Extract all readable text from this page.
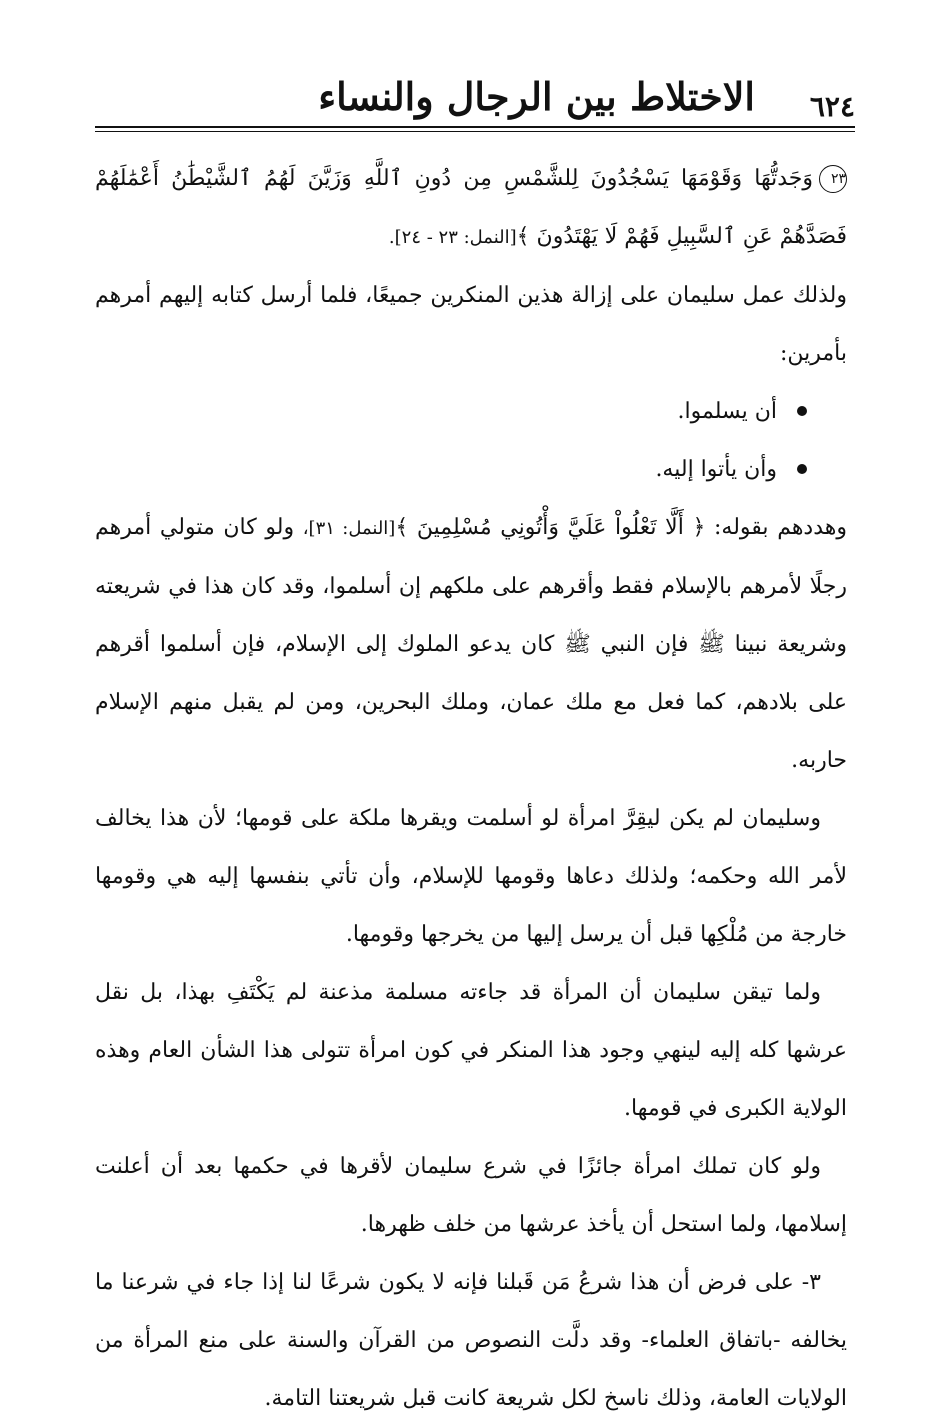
الاختلاط بين الرجال والنساء ٦٢٤

٢٣وَجَدتُّهَا وَقَوْمَهَا يَسْجُدُونَ لِلشَّمْسِ مِن دُونِ ٱللَّهِ وَزَيَّنَ لَهُمُ ٱلشَّيْطَٰنُ أَعْمَٰلَهُمْ فَصَدَّهُمْ عَنِ ٱلسَّبِيلِ فَهُمْ لَا يَهْتَدُونَ ﴾[النمل: ٢٣ - ٢٤].

ولذلك عمل سليمان على إزالة هذين المنكرين جميعًا، فلما أرسل كتابه إليهم أمرهم بأمرين:

أن يسلموا.
وأن يأتوا إليه.

وهددهم بقوله: ﴿ أَلَّا تَعْلُواْ عَلَيَّ وَأْتُونِي مُسْلِمِينَ ﴾[النمل: ٣١]، ولو كان متولي أمرهم رجلًا لأمرهم بالإسلام فقط وأقرهم على ملكهم إن أسلموا، وقد كان هذا في شريعته وشريعة نبينا ﷺ فإن النبي ﷺ كان يدعو الملوك إلى الإسلام، فإن أسلموا أقرهم على بلادهم، كما فعل مع ملك عمان، وملك البحرين، ومن لم يقبل منهم الإسلام حاربه.

وسليمان لم يكن ليقِرَّ امرأة لو أسلمت ويقرها ملكة على قومها؛ لأن هذا يخالف لأمر الله وحكمه؛ ولذلك دعاها وقومها للإسلام، وأن تأتي بنفسها إليه هي وقومها خارجة من مُلْكِها قبل أن يرسل إليها من يخرجها وقومها.

ولما تيقن سليمان أن المرأة قد جاءته مسلمة مذعنة لم يَكْتَفِ بهذا، بل نقل عرشها كله إليه لينهي وجود هذا المنكر في كون امرأة تتولى هذا الشأن العام وهذه الولاية الكبرى في قومها.

ولو كان تملك امرأة جائزًا في شرع سليمان لأقرها في حكمها بعد أن أعلنت إسلامها، ولما استحل أن يأخذ عرشها من خلف ظهرها.

٣- على فرض أن هذا شرعُ مَن قَبلنا فإنه لا يكون شرعًا لنا إذا جاء في شرعنا ما يخالفه -باتفاق العلماء- وقد دلَّت النصوص من القرآن والسنة على منع المرأة من الولايات العامة، وذلك ناسخ لكل شريعة كانت قبل شريعتنا التامة.
